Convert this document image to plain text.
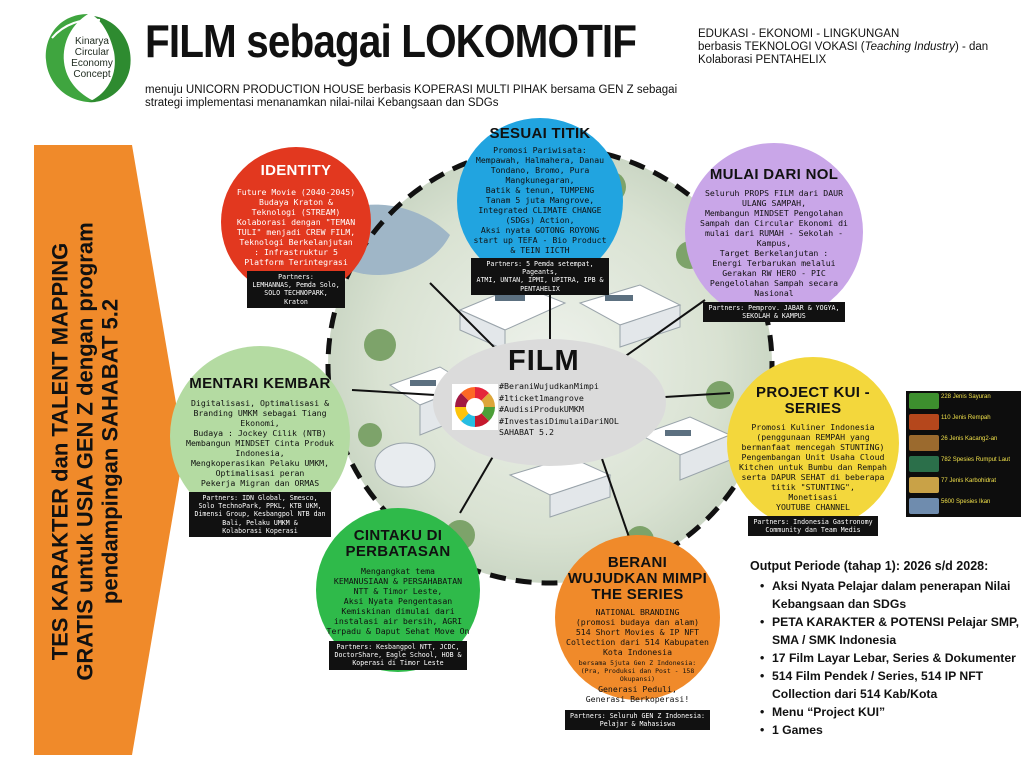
Kinarya Circular Economy Concept
FILM sebagai LOKOMOTIF
menuju UNICORN PRODUCTION HOUSE berbasis KOPERASI MULTI PIHAK bersama GEN Z sebagai strategi implementasi menanamkan nilai-nilai Kebangsaan dan SDGs
EDUKASI - EKONOMI - LINGKUNGAN
berbasis TEKNOLOGI VOKASI (Teaching Industry) - dan Kolaborasi PENTAHELIX
TES KARAKTER dan TALENT MAPPING GRATIS untuk USIA GEN Z dengan program pendampingan SAHABAT 5.2	FILM
#BeraniWujudkanMimpi
#1ticket1mangrove
#AudisiProdukUMKM
#InvestasiDimulaiDariNOL
SAHABAT 5.2
IDENTITY
Future Movie (2040-2045)
Budaya Kraton & Teknologi (STREAM)
Kolaborasi dengan "TEMAN TULI" menjadi CREW FILM,
Teknologi Berkelanjutan : Infrastruktur 5 Platform Terintegrasi
Partners:
LEMHANNAS, Pemda Solo,
SOLO TECHNOPARK,
Kraton
SESUAI TITIK
Promosi Pariwisata:
Mempawah, Halmahera, Danau Tondano, Bromo, Pura Mangkunegaran,
Batik & tenun, TUMPENG
Tanam 5 juta Mangrove,
Integrated CLIMATE CHANGE (SDGs) Action,
Aksi nyata GOTONG ROYONG start up TEFA - Bio Product & TEIN IICTH
Partners: 5 Pemda setempat, Pageants,
ATMI, UNTAN, IPMI, UPITRA, IPB &
PENTAHELIX
MULAI DARI NOL
Seluruh PROPS FILM dari DAUR ULANG SAMPAH,
Membangun MINDSET Pengolahan Sampah dan Circular Ekonomi di mulai dari RUMAH - Sekolah - Kampus,
Target Berkelanjutan :
Energi Terbarukan melalui Gerakan RW HERO - PIC Pengelolahan Sampah secara Nasional
Partners: Pemprov. JABAR & YOGYA,
SEKOLAH & KAMPUS
MENTARI KEMBAR
Digitalisasi, Optimalisasi & Branding UMKM sebagai Tiang Ekonomi,
Budaya : Jockey Cilik (NTB)
Membangun MINDSET Cinta Produk Indonesia,
Mengkoperasikan Pelaku UMKM,
Optimalisasi peran
Pekerja Migran dan ORMAS
Partners: IDN Global, Smesco,
Solo TechnoPark, PPKL, KTB UKM,
Dimensi Group, Kesbangpol NTB dan
Bali, Pelaku UMKM &
Kolaborasi Koperasi
PROJECT KUI - SERIES
Promosi Kuliner Indonesia (penggunaan REMPAH yang bermanfaat mencegah STUNTING)
Pengembangan Unit Usaha Cloud Kitchen untuk Bumbu dan Rempah serta DAPUR SEHAT di beberapa titik "STUNTING",
Monetisasi
YOUTUBE CHANNEL
Partners: Indonesia Gastronomy
Community dan Team Medis
CINTAKU DI PERBATASAN
Mengangkat tema
KEMANUSIAAN & PERSAHABATAN NTT & Timor Leste,
Aksi Nyata Pengentasan Kemiskinan dimulai dari instalasi air bersih, AGRI Terpadu & Daput Sehat Move On
Partners: Kesbangpol NTT, JCDC,
DoctorShare, Eagle School, HOB &
Koperasi di Timor Leste
BERANI WUJUDKAN MIMPI THE SERIES
NATIONAL BRANDING
(promosi budaya dan alam)
514 Short Movies & IP NFT Collection dari 514 Kabupaten Kota Indonesia
bersama 5juta Gen Z Indonesia:
(Pra, Produksi dan Post - 158 Okupansi)
Generasi Peduli,
Generasi Berkoperasi!
Partners: Seluruh GEN Z Indonesia:
Pelajar & Mahasiswa
228 Jenis Sayuran
110 Jenis Rempah
26 Jenis Kacang2-an
782 Spesies Rumput Laut
77 Jenis Karbohidrat
5600 Spesies Ikan
Output Periode (tahap 1): 2026 s/d 2028:
• Aksi Nyata Pelajar dalam penerapan Nilai Kebangsaan dan SDGs
• PETA KARAKTER & POTENSI Pelajar SMP, SMA / SMK Indonesia
• 17 Film Layar Lebar, Series & Dokumenter
• 514 Film Pendek / Series, 514 IP NFT Collection dari 514 Kab/Kota
• Menu “Project KUI”
• 1 Games
